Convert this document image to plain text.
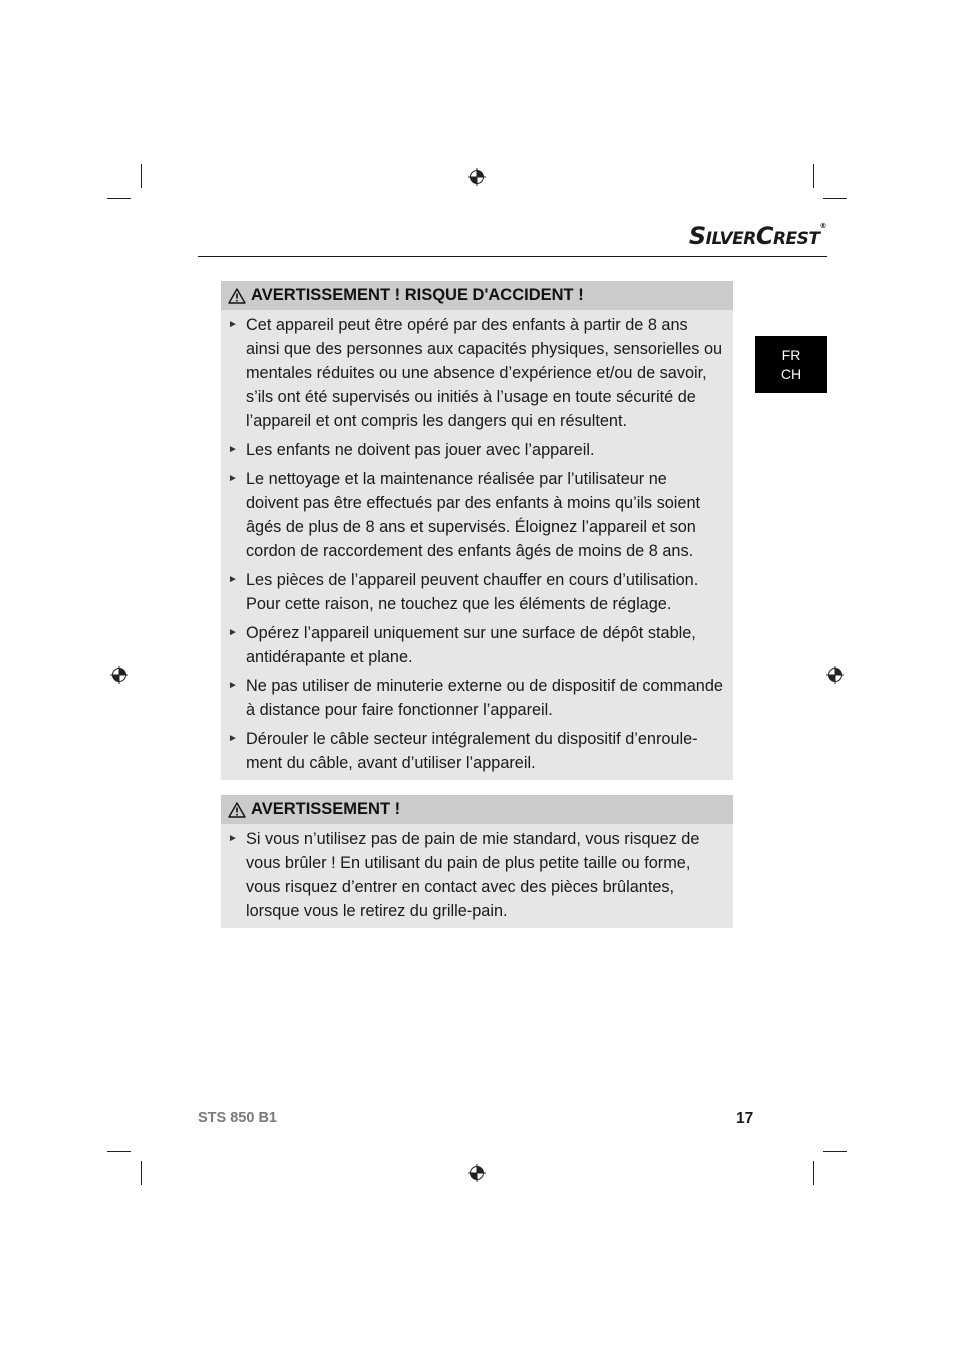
SILVERCREST®
FR
CH
AVERTISSEMENT ! RISQUE D'ACCIDENT !
► Cet appareil peut être opéré par des enfants à partir de 8 ans
ainsi que des personnes aux capacités physiques, sensorielles ou
mentales réduites ou une absence d’expérience et/ou de savoir,
s’ils ont été supervisés ou initiés à l’usage en toute sécurité de
l’appareil et ont compris les dangers qui en résultent.
► Les enfants ne doivent pas jouer avec l’appareil.
► Le nettoyage et la maintenance réalisée par l’utilisateur ne
doivent pas être effectués par des enfants à moins qu’ils soient
âgés de plus de 8 ans et supervisés. Éloignez l’appareil et son
cordon de raccordement des enfants âgés de moins de 8 ans.
► Les pièces de l’appareil peuvent chauffer en cours d’utilisation.
Pour cette raison, ne touchez que les éléments de réglage.
► Opérez l’appareil uniquement sur une surface de dépôt stable,
antidérapante et plane.
► Ne pas utiliser de minuterie externe ou de dispositif de commande
à distance pour faire fonctionner l’appareil.
► Dérouler le câble secteur intégralement du dispositif d’enroule-
ment du câble, avant d’utiliser l’appareil.
AVERTISSEMENT !
► Si vous n’utilisez pas de pain de mie standard, vous risquez de
vous brûler ! En utilisant du pain de plus petite taille ou forme,
vous risquez d’entrer en contact avec des pièces brûlantes,
lorsque vous le retirez du grille-pain.
STS 850 B1	17
